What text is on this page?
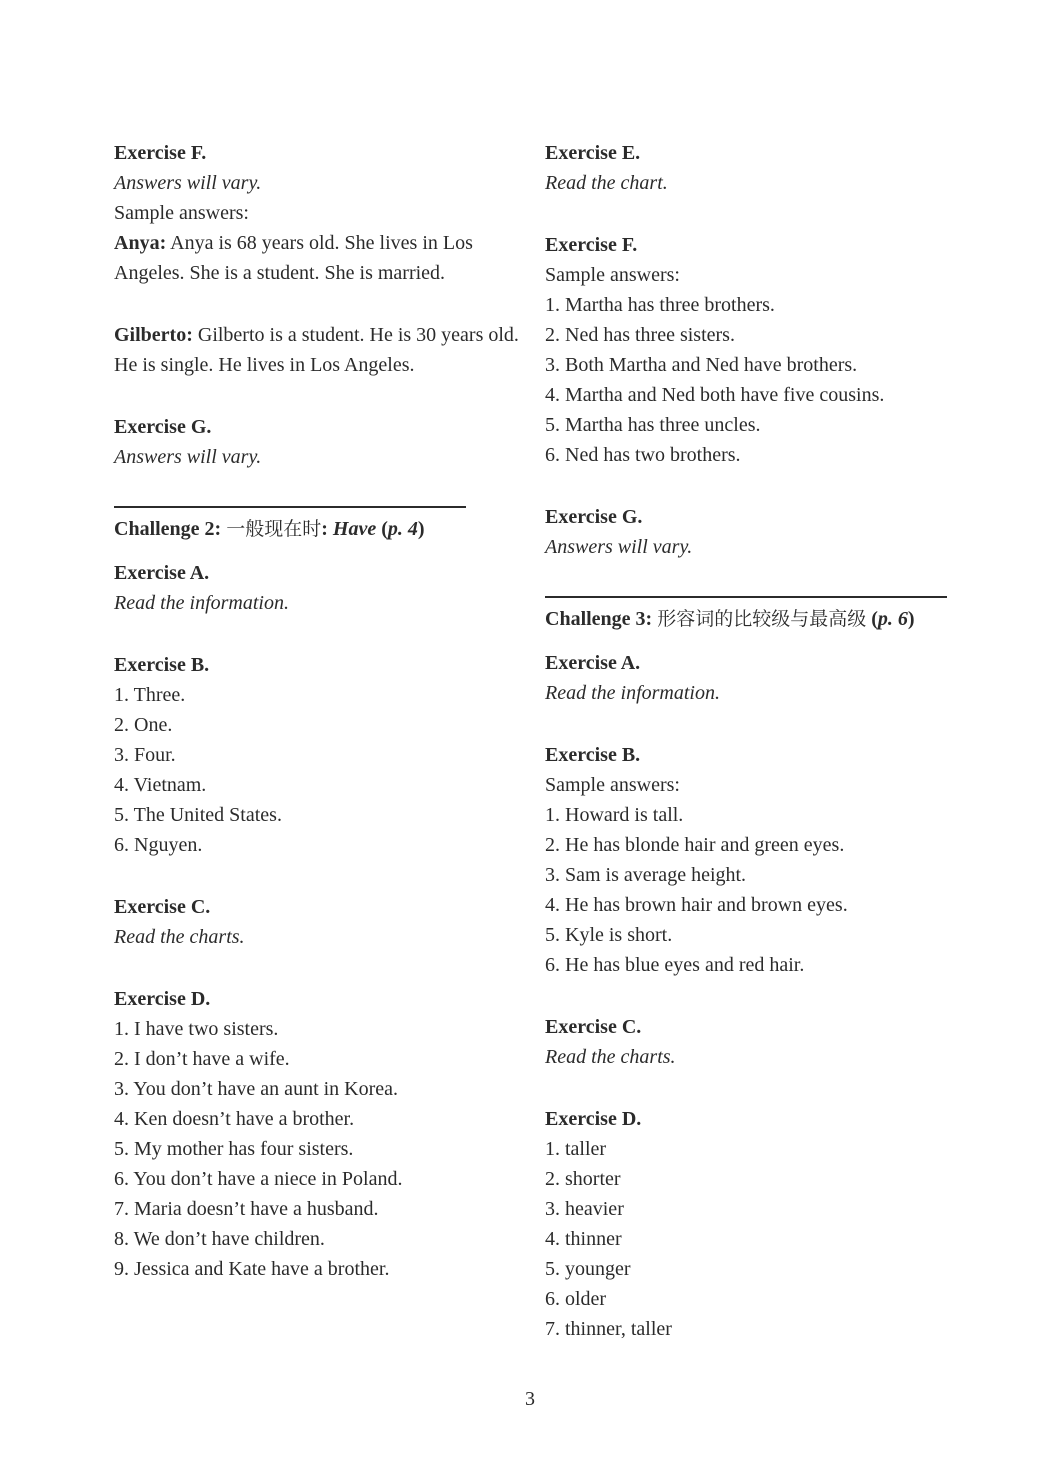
Exercise F.
Answers will vary.
Sample answers:
Anya: Anya is 68 years old. She lives in Los Angeles. She is a student. She is married.
Gilberto: Gilberto is a student. He is 30 years old. He is single. He lives in Los Angeles.
Exercise G.
Answers will vary.
Challenge 2: 一般现在时: Have (p. 4)
Exercise A.
Read the information.
Exercise B.
1. Three.
2. One.
3. Four.
4. Vietnam.
5. The United States.
6. Nguyen.
Exercise C.
Read the charts.
Exercise D.
1. I have two sisters.
2. I don’t have a wife.
3. You don’t have an aunt in Korea.
4. Ken doesn’t have a brother.
5. My mother has four sisters.
6. You don’t have a niece in Poland.
7. Maria doesn’t have a husband.
8. We don’t have children.
9. Jessica and Kate have a brother.
Exercise E.
Read the chart.
Exercise F.
Sample answers:
1. Martha has three brothers.
2. Ned has three sisters.
3. Both Martha and Ned have brothers.
4. Martha and Ned both have five cousins.
5. Martha has three uncles.
6. Ned has two brothers.
Exercise G.
Answers will vary.
Challenge 3: 形容词的比较级与最高级 (p. 6)
Exercise A.
Read the information.
Exercise B.
Sample answers:
1. Howard is tall.
2. He has blonde hair and green eyes.
3. Sam is average height.
4. He has brown hair and brown eyes.
5. Kyle is short.
6. He has blue eyes and red hair.
Exercise C.
Read the charts.
Exercise D.
1. taller
2. shorter
3. heavier
4. thinner
5. younger
6. older
7. thinner, taller
3
